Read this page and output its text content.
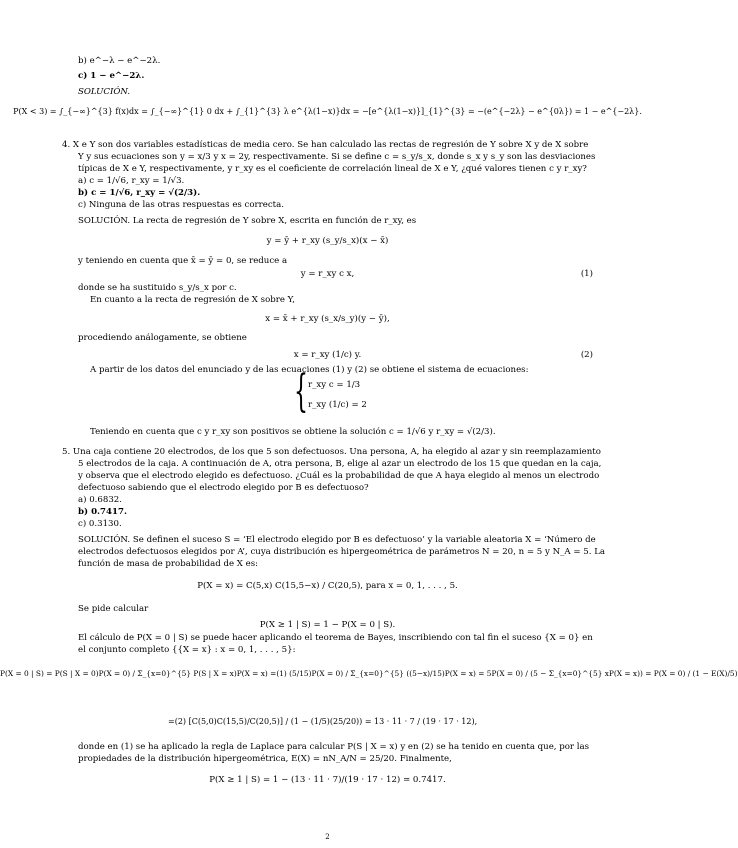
b) e^−λ − e^−2λ.
c) 1 − e^−2λ.
SOLUCIÓN.
P(X < 3) = ∫_{−∞}^{3} f(x)dx = ∫_{−∞}^{1} 0 dx + ∫_{1}^{3} λ e^{λ(1−x)}dx = −[e^{λ(1−x)}]_{1}^{3} = −(e^{−2λ} − e^{0λ}) = 1 − e^{−2λ}.
4. X e Y son dos variables estadísticas de media cero. Se han calculado las rectas de regresión de Y sobre X y de X sobre
Y y sus ecuaciones son y = x/3 y x = 2y, respectivamente. Si se define c = s_y/s_x, donde s_x y s_y son las desviaciones
típicas de X e Y, respectivamente, y r_xy es el coeficiente de correlación lineal de X e Y, ¿qué valores tienen c y r_xy?
a) c = 1/√6, r_xy = 1/√3.
b) c = 1/√6, r_xy = √(2/3).
c) Ninguna de las otras respuestas es correcta.
SOLUCIÓN. La recta de regresión de Y sobre X, escrita en función de r_xy, es
y = ȳ + r_xy (s_y/s_x)(x − x̄)
y teniendo en cuenta que x̄ = ȳ = 0, se reduce a
y = r_xy c x,	(1)
donde se ha sustituido s_y/s_x por c.
En cuanto a la recta de regresión de X sobre Y,
x = x̄ + r_xy (s_x/s_y)(y − ȳ),
procediendo análogamente, se obtiene
x = r_xy (1/c) y.	(2)
A partir de los datos del enunciado y de las ecuaciones (1) y (2) se obtiene el sistema de ecuaciones:
{ r_xy c = 1/3
r_xy (1/c) = 2
Teniendo en cuenta que c y r_xy son positivos se obtiene la solución c = 1/√6 y r_xy = √(2/3).
5. Una caja contiene 20 electrodos, de los que 5 son defectuosos. Una persona, A, ha elegido al azar y sin reemplazamiento
5 electrodos de la caja. A continuación de A, otra persona, B, elige al azar un electrodo de los 15 que quedan en la caja,
y observa que el electrodo elegido es defectuoso. ¿Cuál es la probabilidad de que A haya elegido al menos un electrodo
defectuoso sabiendo que el electrodo elegido por B es defectuoso?
a) 0.6832.
b) 0.7417.
c) 0.3130.
SOLUCIÓN. Se definen el suceso S = ‘El electrodo elegido por B es defectuoso’ y la variable aleatoria X = ‘Número de
electrodos defectuosos elegidos por A’, cuya distribución es hipergeométrica de parámetros N = 20, n = 5 y N_A = 5. La
función de masa de probabilidad de X es:
P(X = x) = C(5,x) C(15,5−x) / C(20,5), para x = 0, 1, . . . , 5.
Se pide calcular
P(X ≥ 1 | S) = 1 − P(X = 0 | S).
El cálculo de P(X = 0 | S) se puede hacer aplicando el teorema de Bayes, inscribiendo con tal fin el suceso {X = 0} en
el conjunto completo {{X = x} : x = 0, 1, . . . , 5}:
P(X = 0 | S) = P(S | X = 0)P(X = 0) / Σ_{x=0}^{5} P(S | X = x)P(X = x) =(1) (5/15)P(X = 0) / Σ_{x=0}^{5} ((5−x)/15)P(X = x) = 5P(X = 0) / (5 − Σ_{x=0}^{5} xP(X = x)) = P(X = 0) / (1 − E(X)/5)
=(2) [C(5,0)C(15,5)/C(20,5)] / (1 − (1/5)(25/20)) = 13 · 11 · 7 / (19 · 17 · 12),
donde en (1) se ha aplicado la regla de Laplace para calcular P(S | X = x) y en (2) se ha tenido en cuenta que, por las
propiedades de la distribución hipergeométrica, E(X) = nN_A/N = 25/20. Finalmente,
P(X ≥ 1 | S) = 1 − (13 · 11 · 7)/(19 · 17 · 12) ≃ 0.7417.
2
